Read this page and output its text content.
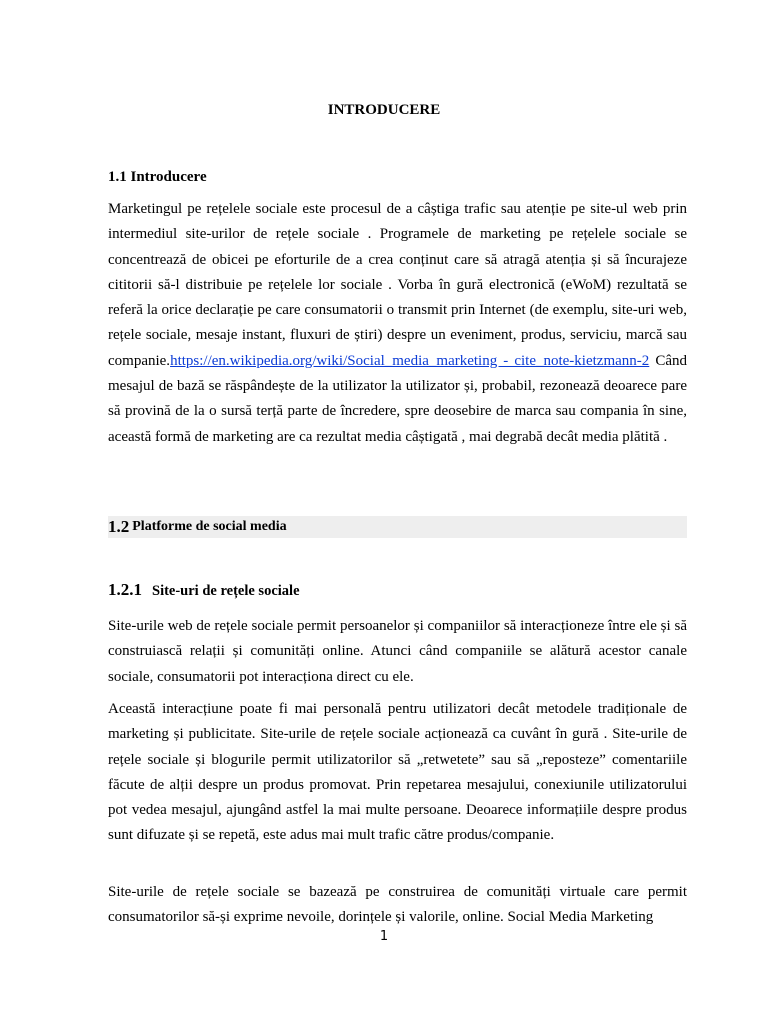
INTRODUCERE
1.1 Introducere
Marketingul pe rețelele sociale este procesul de a câștiga trafic sau atenție pe site-ul web prin intermediul site-urilor de rețele sociale . Programele de marketing pe rețelele sociale se concentrează de obicei pe eforturile de a crea conținut care să atragă atenția și să încurajeze cititorii să-l distribuie pe rețelele lor sociale . Vorba în gură electronică (eWoM) rezultată se referă la orice declarație pe care consumatorii o transmit prin Internet (de exemplu, site-uri web, rețele sociale, mesaje instant, fluxuri de știri) despre un eveniment, produs, serviciu, marcă sau companie.https://en.wikipedia.org/wiki/Social_media_marketing - cite_note-kietzmann-2 Când mesajul de bază se răspândește de la utilizator la utilizator și, probabil, rezonează deoarece pare să provină de la o sursă terță parte de încredere, spre deosebire de marca sau compania în sine, această formă de marketing are ca rezultat media câștigată , mai degrabă decât media plătită .
1.2 Platforme de social media
1.2.1 Site-uri de rețele sociale
Site-urile web de rețele sociale permit persoanelor și companiilor să interacționeze între ele și să construiască relații și comunități online. Atunci când companiile se alătură acestor canale sociale, consumatorii pot interacționa direct cu ele.
Această interacțiune poate fi mai personală pentru utilizatori decât metodele tradiționale de marketing și publicitate. Site-urile de rețele sociale acționează ca cuvânt în gură . Site-urile de rețele sociale și blogurile permit utilizatorilor să „retwetete” sau să „reposteze” comentariile făcute de alții despre un produs promovat. Prin repetarea mesajului, conexiunile utilizatorului pot vedea mesajul, ajungând astfel la mai multe persoane. Deoarece informațiile despre produs sunt difuzate și se repetă, este adus mai mult trafic către produs/companie.
Site-urile de rețele sociale se bazează pe construirea de comunități virtuale care permit consumatorilor să-și exprime nevoile, dorințele și valorile, online. Social Media Marketing
1
